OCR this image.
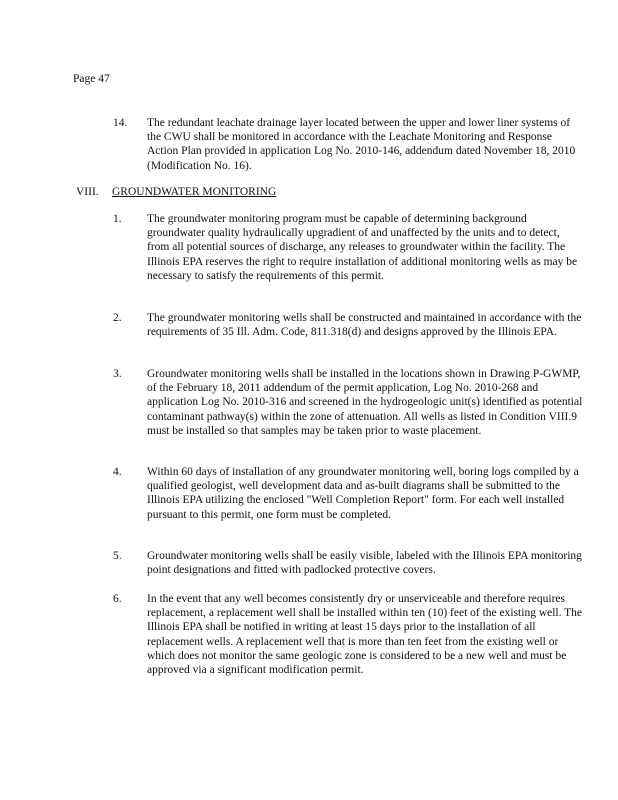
Page 47
14.	The redundant leachate drainage layer located between the upper and lower liner systems of the CWU shall be monitored in accordance with the Leachate Monitoring and Response Action Plan provided in application Log No. 2010-146, addendum dated November 18, 2010 (Modification No. 16).
VIII. GROUNDWATER MONITORING
1.	The groundwater monitoring program must be capable of determining background groundwater quality hydraulically upgradient of and unaffected by the units and to detect, from all potential sources of discharge, any releases to groundwater within the facility. The Illinois EPA reserves the right to require installation of additional monitoring wells as may be necessary to satisfy the requirements of this permit.
2.	The groundwater monitoring wells shall be constructed and maintained in accordance with the requirements of 35 Ill. Adm. Code, 811.318(d) and designs approved by the Illinois EPA.
3.	Groundwater monitoring wells shall be installed in the locations shown in Drawing P-GWMP, of the February 18, 2011 addendum of the permit application, Log No. 2010-268 and application Log No. 2010-316 and screened in the hydrogeologic unit(s) identified as potential contaminant pathway(s) within the zone of attenuation. All wells as listed in Condition VIII.9 must be installed so that samples may be taken prior to waste placement.
4.	Within 60 days of installation of any groundwater monitoring well, boring logs compiled by a qualified geologist, well development data and as-built diagrams shall be submitted to the Illinois EPA utilizing the enclosed "Well Completion Report" form. For each well installed pursuant to this permit, one form must be completed.
5.	Groundwater monitoring wells shall be easily visible, labeled with the Illinois EPA monitoring point designations and fitted with padlocked protective covers.
6.	In the event that any well becomes consistently dry or unserviceable and therefore requires replacement, a replacement well shall be installed within ten (10) feet of the existing well. The Illinois EPA shall be notified in writing at least 15 days prior to the installation of all replacement wells. A replacement well that is more than ten feet from the existing well or which does not monitor the same geologic zone is considered to be a new well and must be approved via a significant modification permit.
